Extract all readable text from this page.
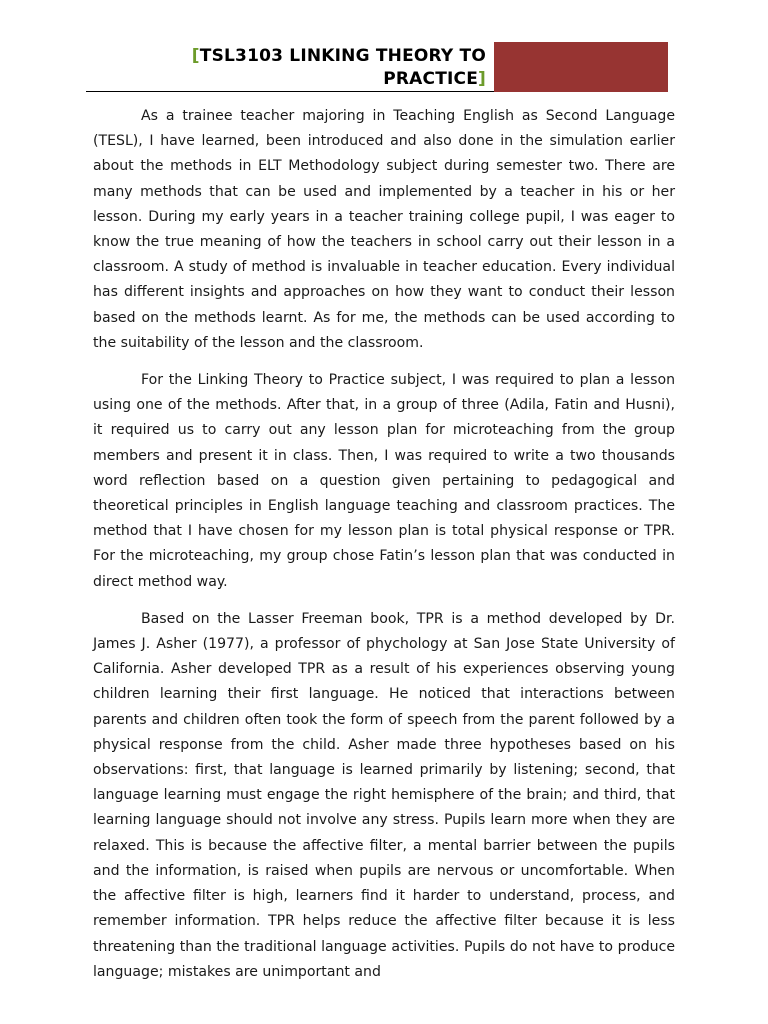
[TSL3103 LINKING THEORY TO PRACTICE]

As a trainee teacher majoring in Teaching English as Second Language (TESL), I have learned, been introduced and also done in the simulation earlier about the methods in ELT Methodology subject during semester two. There are many methods that can be used and implemented by a teacher in his or her lesson. During my early years in a teacher training college pupil, I was eager to know the true meaning of how the teachers in school carry out their lesson in a classroom. A study of method is invaluable in teacher education. Every individual has different insights and approaches on how they want to conduct their lesson based on the methods learnt. As for me, the methods can be used according to the suitability of the lesson and the classroom.

For the Linking Theory to Practice subject, I was required to plan a lesson using one of the methods. After that, in a group of three (Adila, Fatin and Husni), it required us to carry out any lesson plan for microteaching from the group members and present it in class. Then, I was required to write a two thousands word reflection based on a question given pertaining to pedagogical and theoretical principles in English language teaching and classroom practices. The method that I have chosen for my lesson plan is total physical response or TPR. For the microteaching, my group chose Fatin’s lesson plan that was conducted in direct method way.

Based on the Lasser Freeman book, TPR is a method developed by Dr. James J. Asher (1977), a professor of phychology at San Jose State University of California. Asher developed TPR as a result of his experiences observing young children learning their first language. He noticed that interactions between parents and children often took the form of speech from the parent followed by a physical response from the child. Asher made three hypotheses based on his observations: first, that language is learned primarily by listening; second, that language learning must engage the right hemisphere of the brain; and third, that learning language should not involve any stress. Pupils learn more when they are relaxed. This is because the affective filter, a mental barrier between the pupils and the information, is raised when pupils are nervous or uncomfortable. When the affective filter is high, learners find it harder to understand, process, and remember information. TPR helps reduce the affective filter because it is less threatening than the traditional language activities. Pupils do not have to produce language; mistakes are unimportant and
